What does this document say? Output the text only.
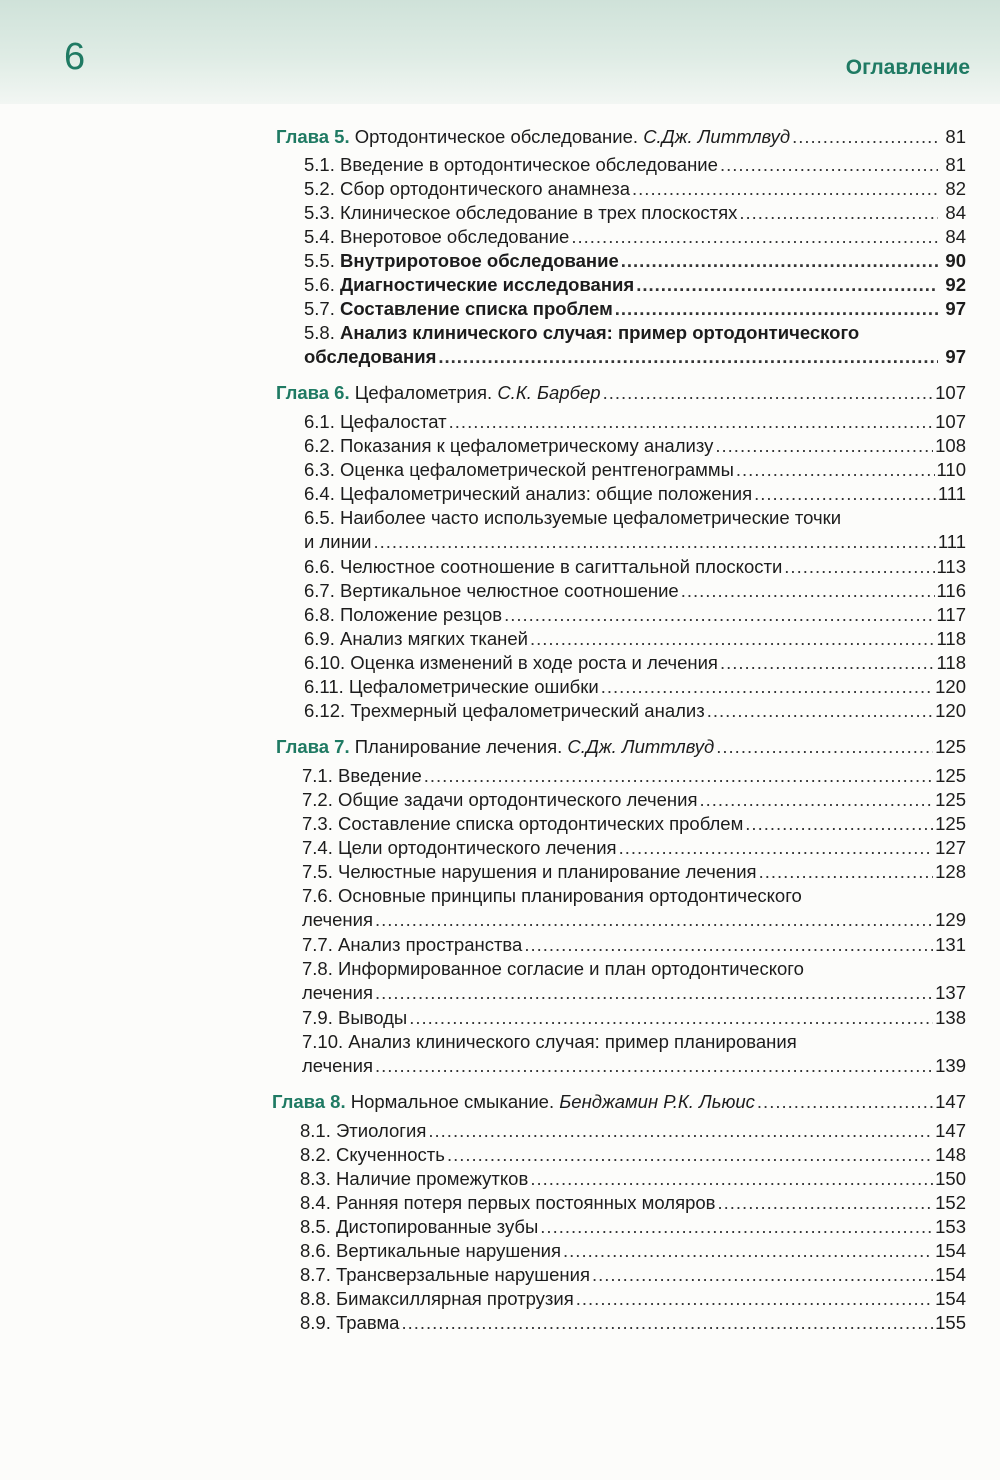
6	Оглавление
Глава 5. Ортодонтическое обследование. С.Дж. Литтлвуд .....	81
5.1. Введение в ортодонтическое обследование .....	81
5.2. Сбор ортодонтического анамнеза .....	82
5.3. Клиническое обследование в трех плоскостях .....	84
5.4. Внеротовое обследование .....	84
5.5. Внутриротовое обследование .....	90
5.6. Диагностические исследования .....	92
5.7. Составление списка проблем .....	97
5.8. Анализ клинического случая: пример ортодонтического
обследования .....	97
Глава 6. Цефалометрия. С.К. Барбер .....	107
6.1. Цефалостат .....	107
6.2. Показания к цефалометрическому анализу .....	108
6.3. Оценка цефалометрической рентгенограммы .....	110
6.4. Цефалометрический анализ: общие положения .....	111
6.5. Наиболее часто используемые цефалометрические точки
и линии .....	111
6.6. Челюстное соотношение в сагиттальной плоскости .....	113
6.7. Вертикальное челюстное соотношение .....	116
6.8. Положение резцов .....	117
6.9. Анализ мягких тканей .....	118
6.10. Оценка изменений в ходе роста и лечения .....	118
6.11. Цефалометрические ошибки .....	120
6.12. Трехмерный цефалометрический анализ .....	120
Глава 7. Планирование лечения. С.Дж. Литтлвуд .....	125
7.1. Введение .....	125
7.2. Общие задачи ортодонтического лечения .....	125
7.3. Составление списка ортодонтических проблем .....	125
7.4. Цели ортодонтического лечения .....	127
7.5. Челюстные нарушения и планирование лечения .....	128
7.6. Основные принципы планирования ортодонтического
лечения .....	129
7.7. Анализ пространства .....	131
7.8. Информированное согласие и план ортодонтического
лечения .....	137
7.9. Выводы .....	138
7.10. Анализ клинического случая: пример планирования
лечения .....	139
Глава 8. Нормальное смыкание. Бенджамин Р.К. Льюис .....	147
8.1. Этиология .....	147
8.2. Скученность .....	148
8.3. Наличие промежутков .....	150
8.4. Ранняя потеря первых постоянных моляров .....	152
8.5. Дистопированные зубы .....	153
8.6. Вертикальные нарушения .....	154
8.7. Трансверзальные нарушения .....	154
8.8. Бимаксиллярная протрузия .....	154
8.9. Травма .....	155
